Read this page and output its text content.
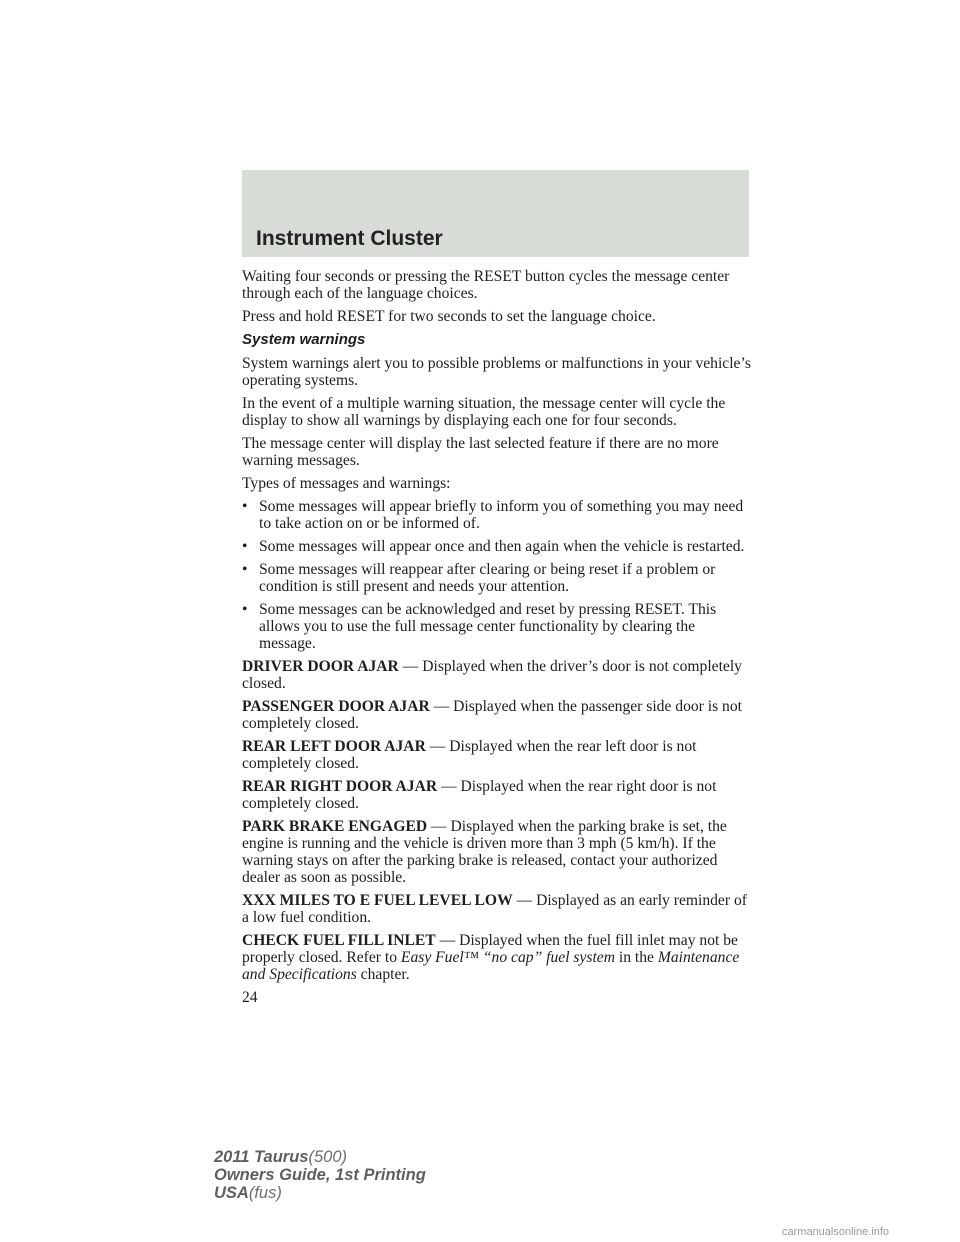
Instrument Cluster

Waiting four seconds or pressing the RESET button cycles the message center through each of the language choices.

Press and hold RESET for two seconds to set the language choice.

System warnings

System warnings alert you to possible problems or malfunctions in your vehicle’s operating systems.

In the event of a multiple warning situation, the message center will cycle the display to show all warnings by displaying each one for four seconds.

The message center will display the last selected feature if there are no more warning messages.

Types of messages and warnings:

• Some messages will appear briefly to inform you of something you may need to take action on or be informed of.
• Some messages will appear once and then again when the vehicle is restarted.
• Some messages will reappear after clearing or being reset if a problem or condition is still present and needs your attention.
• Some messages can be acknowledged and reset by pressing RESET. This allows you to use the full message center functionality by clearing the message.

DRIVER DOOR AJAR — Displayed when the driver’s door is not completely closed.

PASSENGER DOOR AJAR — Displayed when the passenger side door is not completely closed.

REAR LEFT DOOR AJAR — Displayed when the rear left door is not completely closed.

REAR RIGHT DOOR AJAR — Displayed when the rear right door is not completely closed.

PARK BRAKE ENGAGED — Displayed when the parking brake is set, the engine is running and the vehicle is driven more than 3 mph (5 km/h). If the warning stays on after the parking brake is released, contact your authorized dealer as soon as possible.

XXX MILES TO E FUEL LEVEL LOW — Displayed as an early reminder of a low fuel condition.

CHECK FUEL FILL INLET — Displayed when the fuel fill inlet may not be properly closed. Refer to Easy Fuel™ “no cap” fuel system in the Maintenance and Specifications chapter.

24
2011 Taurus(500)
Owners Guide, 1st Printing
USA(fus)
carmanualsonline.info
